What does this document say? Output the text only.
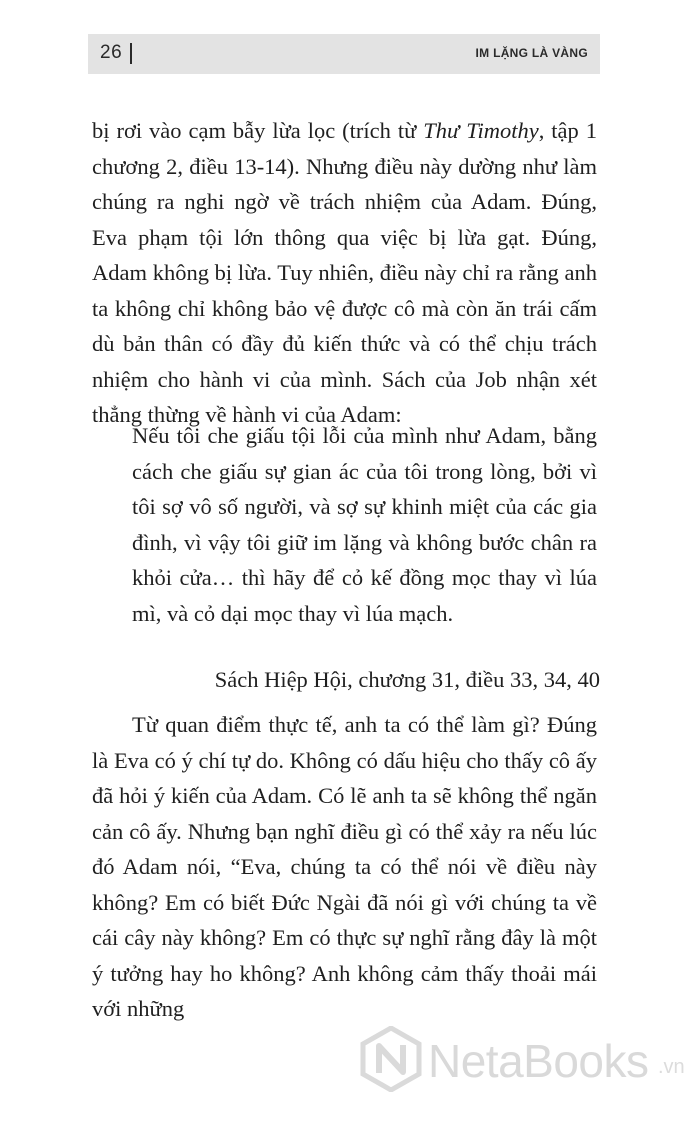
26	IM LẶNG LÀ VÀNG

bị rơi vào cạm bẫy lừa lọc (trích từ Thư Timothy, tập 1 chương 2, điều 13-14). Nhưng điều này dường như làm chúng ra nghi ngờ về trách nhiệm của Adam. Đúng, Eva phạm tội lớn thông qua việc bị lừa gạt. Đúng, Adam không bị lừa. Tuy nhiên, điều này chỉ ra rằng anh ta không chỉ không bảo vệ được cô mà còn ăn trái cấm dù bản thân có đầy đủ kiến thức và có thể chịu trách nhiệm cho hành vi của mình. Sách của Job nhận xét thẳng thừng về hành vi của Adam:

Nếu tôi che giấu tội lỗi của mình như Adam, bằng cách che giấu sự gian ác của tôi trong lòng, bởi vì tôi sợ vô số người, và sợ sự khinh miệt của các gia đình, vì vậy tôi giữ im lặng và không bước chân ra khỏi cửa… thì hãy để cỏ kế đồng mọc thay vì lúa mì, và cỏ dại mọc thay vì lúa mạch.

Sách Hiệp Hội, chương 31, điều 33, 34, 40

Từ quan điểm thực tế, anh ta có thể làm gì? Đúng là Eva có ý chí tự do. Không có dấu hiệu cho thấy cô ấy đã hỏi ý kiến của Adam. Có lẽ anh ta sẽ không thể ngăn cản cô ấy. Nhưng bạn nghĩ điều gì có thể xảy ra nếu lúc đó Adam nói, “Eva, chúng ta có thể nói về điều này không? Em có biết Đức Ngài đã nói gì với chúng ta về cái cây này không? Em có thực sự nghĩ rằng đây là một ý tưởng hay ho không? Anh không cảm thấy thoải mái với những

NetaBooks .vn
